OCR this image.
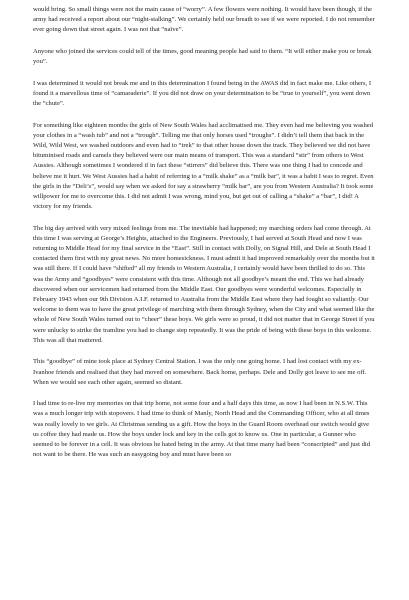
would bring. So small things were not the main cause of “worry”. A few flowers were nothing. It would have been though, if the army had received a report about our “night-stalking”. We certainly held our breath to see if we were reported. I do not remember ever going down that street again. I was not that “naïve”.

Anyone who joined the services could tell of the times, good meaning people had said to them. “It will either make you or break you”.

I was determined it would not break me and in this determination I found being in the AWAS did in fact make me. Like others, I found it a marvellous time of “camaraderie”. If you did not draw on your determination to be “true to yourself”, you went down the “chute”.

For something like eighteen months the girls of New South Wales had acclimatised me. They even had me believing you washed your clothes in a “wash tub” and not a “trough”. Telling me that only horses used “troughs”. I didn’t tell them that back in the Wild, Wild West, we washed outdoors and even had to “trek” to that other house down the track. They believed we did not have bituminised roads and camels they believed were our main means of transport. This was a standard “stir” from others to West Aussies. Although sometimes I wondered if in fact these “stirrers” did believe this. There was one thing I had to concede and believe me it hurt. We West Aussies had a habit of referring to a “milk shake” as a “milk bar”, it was a habit I was to regret. Even the girls in the “Deli’s”, would say when we asked for say a strawberry “milk bar”, are you from Western Australia? It took some willpower for me to overcome this. I did not admit I was wrong, mind you, but get out of calling a “shake” a “bar”, I did! A victory for my friends.

The big day arrived with very mixed feelings from me. The inevitable had happened; my marching orders had come through. At this time I was serving at George’s Heights, attached to the Engineers. Previously, I had served at South Head and now I was returning to Middle Head for my final service in the “East”. Still in contact with Dolly, on Signal Hill, and Dele at South Head I contacted them first with my great news. No more homesickness. I must admit it had improved remarkably over the months but it was still there. If I could have “shifted” all my friends to Western Australia, I certainly would have been thrilled to do so. This was the Army and “goodbyes” were consistent with this time. Although not all goodbye’s meant the end. This we had already discovered when our servicemen had returned from the Middle East. Our goodbyes were wonderful welcomes. Especially in February 1943 when our 9th Division A.I.F. returned to Australia from the Middle East where they had fought so valiantly. Our welcome to them was to have the great privilege of marching with them through Sydney, when the City and what seemed like the whole of New South Wales turned out to “cheer” these boys. We girls were so proud, it did not matter that in George Street if you were unlucky to strike the tramline you had to change step repeatedly. It was the pride of being with these boys in this welcome. This was all that mattered.

This “goodbye” of mine took place at Sydney Central Station. I was the only one going home. I had lost contact with my ex-Ivanhoe friends and realised that they had moved on somewhere. Back home, perhaps. Dele and Dolly got leave to see me off. When we would see each other again, seemed so distant.

I had time to re-live my memories on that trip home, not some four and a half days this time, as now I had been in N.S.W. This was a much longer trip with stopovers. I had time to think of Manly, North Head and the Commanding Officer, who at all times was really lovely to we girls. At Christmas sending us a gift. How the boys in the Guard Room overhead our switch would give us coffee they had made us. How the boys under lock and key in the cells got to know us. One in particular, a Gunner who seemed to be forever in a cell. It was obvious he hated being in the army. At that time many had been “conscripted” and just did not want to be there. He was such an easygoing boy and must have been so
